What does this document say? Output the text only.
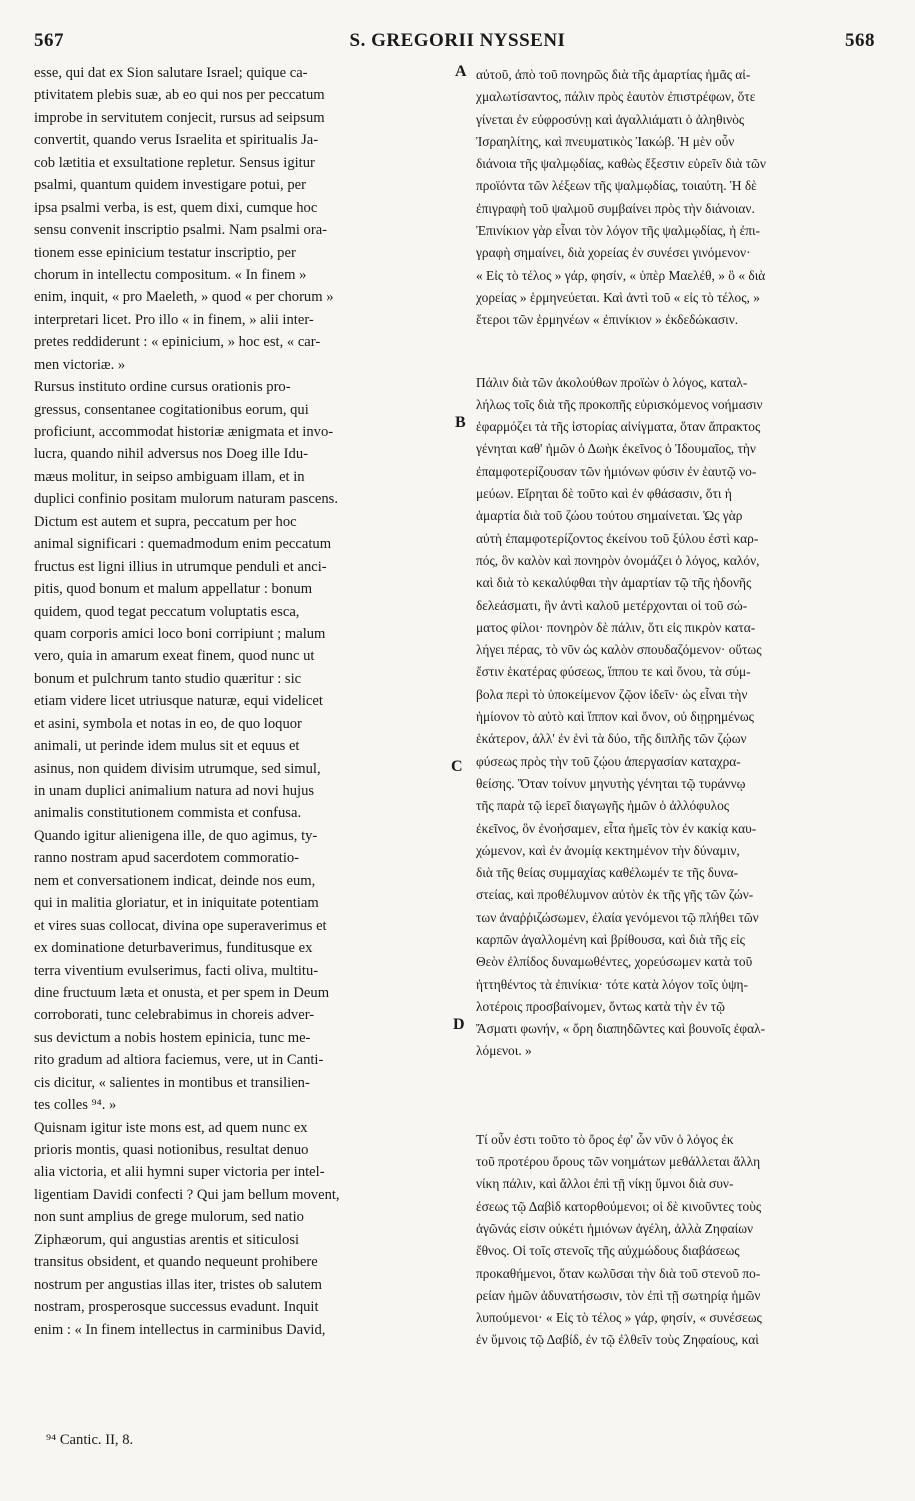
567	S. GREGORII NYSSENI	568
esse, qui dat ex Sion salutare Israel; quique ca-
ptivitatem plebis suæ, ab eo qui nos per peccatum
improbe in servitutem conjecit, rursus ad seipsum
convertit, quando verus Israelita et spiritualis Ja-
cob lætitia et exsultatione repletur. Sensus igitur
psalmi, quantum quidem investigare potui, per
ipsa psalmi verba, is est, quem dixi, cumque hoc
sensu convenit inscriptio psalmi. Nam psalmi ora-
tionem esse epinicium testatur inscriptio, per
chorum in intellectu compositum. « In finem »
enim, inquit, « pro Maeleth, » quod « per chorum »
interpretari licet. Pro illo « in finem, » alii inter-
pretes reddiderunt : « epinicium, » hoc est, « car-
men victoriæ. »
Rursus instituto ordine cursus orationis pro-
gressus, consentanee cogitationibus eorum, qui
proficiunt, accommodat historiæ ænigmata et invo-
lucra, quando nihil adversus nos Doeg ille Idu-
mæus molitur, in seipso ambiguam illam, et in
duplici confinio positam mulorum naturam pascens.
Dictum est autem et supra, peccatum per hoc
animal significari : quemadmodum enim peccatum
fructus est ligni illius in utrumque penduli et anci-
pitis, quod bonum et malum appellatur : bonum
quidem, quod tegat peccatum voluptatis esca,
quam corporis amici loco boni corripiunt ; malum
vero, quia in amarum exeat finem, quod nunc ut
bonum et pulchrum tanto studio quæritur : sic
etiam videre licet utriusque naturæ, equi videlicet
et asini, symbola et notas in eo, de quo loquor
animali, ut perinde idem mulus sit et equus et
asinus, non quidem divisim utrumque, sed simul,
in unam duplici animalium natura ad novi hujus
animalis constitutionem commista et confusa.
Quando igitur alienigena ille, de quo agimus, ty-
ranno nostram apud sacerdotem commoratio-
nem et conversationem indicat, deinde nos eum,
qui in malitia gloriatur, et in iniquitate potentiam
et vires suas collocat, divina ope superaverimus et
ex dominatione deturbaverimus, funditusque ex
terra viventium evulserimus, facti oliva, multitu-
dine fructuum læta et onusta, et per spem in Deum
corroborati, tunc celebrabimus in choreis adver-
sus devictum a nobis hostem epinicia, tunc me-
rito gradum ad altiora faciemus, vere, ut in Canti-
cis dicitur, « salientes in montibus et transilien-
tes colles ⁹⁴. »
Quisnam igitur iste mons est, ad quem nunc ex
prioris montis, quasi notionibus, resultat denuo
alia victoria, et alii hymni super victoria per intel-
ligentiam Davidi confecti ? Qui jam bellum movent,
non sunt amplius de grege mulorum, sed natio
Ziphæorum, qui angustias arentis et siticulosi
transitus obsident, et quando nequeunt prohibere
nostrum per angustias illas iter, tristes ob salutem
nostram, prosperosque successus evadunt. Inquit
enim : « In finem intellectus in carminibus David,
A
B
C
D
αὐτοῦ, ἀπὸ τοῦ πονηρῶς διὰ τῆς ἁμαρτίας ἡμᾶς αἰ-
χμαλωτίσαντος, πάλιν πρὸς ἑαυτὸν ἐπιστρέφων, ὅτε
γίνεται ἐν εὐφροσύνῃ καὶ ἀγαλλιάματι ὁ ἀληθινὸς
Ἰσραηλίτης, καὶ πνευματικὸς Ἰακώβ. Ἡ μὲν οὖν
διάνοια τῆς ψαλμῳδίας, καθὼς ἔξεστιν εὑρεῖν διὰ τῶν
προϊόντα τῶν λέξεων τῆς ψαλμῳδίας, τοιαύτη. Ἡ δὲ
ἐπιγραφὴ τοῦ ψαλμοῦ συμβαίνει πρὸς τὴν διάνοιαν.
Ἐπινίκιον γὰρ εἶναι τὸν λόγον τῆς ψαλμῳδίας, ἡ ἐπι-
γραφὴ σημαίνει, διὰ χορείας ἐν συνέσει γινόμενον·
« Εἰς τὸ τέλος » γάρ, φησίν, « ὑπὲρ Μαελέθ, » ὃ « διὰ
χορείας » ἑρμηνεύεται. Καὶ ἀντὶ τοῦ « εἰς τὸ τέλος, »
ἕτεροι τῶν ἑρμηνέων « ἐπινίκιον » ἐκδεδώκασιν.
Πάλιν διὰ τῶν ἀκολούθων προϊὼν ὁ λόγος, καταλ-
λήλως τοῖς διὰ τῆς προκοπῆς εὑρισκόμενος νοήμασιν
ἐφαρμόζει τὰ τῆς ἱστορίας αἰνίγματα, ὅταν ἄπρακτος
γένηται καθ' ἡμῶν ὁ Δωὴκ ἐκεῖνος ὁ Ἰδουμαῖος, τὴν
ἐπαμφοτερίζουσαν τῶν ἡμιόνων φύσιν ἐν ἑαυτῷ νο-
μεύων. Εἴρηται δὲ τοῦτο καὶ ἐν φθάσασιν, ὅτι ἡ
ἁμαρτία διὰ τοῦ ζώου τούτου σημαίνεται. Ὡς γὰρ
αὐτὴ ἐπαμφοτερίζοντος ἐκείνου τοῦ ξύλου ἐστὶ καρ-
πός, ὃν καλὸν καὶ πονηρὸν ὀνομάζει ὁ λόγος, καλόν,
καὶ διὰ τὸ κεκαλύφθαι τὴν ἁμαρτίαν τῷ τῆς ἡδονῆς
δελεάσματι, ἣν ἀντὶ καλοῦ μετέρχονται οἱ τοῦ σώ-
ματος φίλοι· πονηρὸν δὲ πάλιν, ὅτι εἰς πικρὸν κατα-
λήγει πέρας, τὸ νῦν ὡς καλὸν σπουδαζόμενον· οὕτως
ἔστιν ἑκατέρας φύσεως, ἵππου τε καὶ ὄνου, τὰ σύμ-
βολα περὶ τὸ ὑποκείμενον ζῷον ἰδεῖν· ὡς εἶναι τὴν
ἡμίονον τὸ αὐτὸ καὶ ἵππον καὶ ὄνον, οὐ διῃρημένως
ἑκάτερον, ἀλλ' ἐν ἑνὶ τὰ δύο, τῆς διπλῆς τῶν ζῴων
φύσεως πρὸς τὴν τοῦ ζῴου ἀπεργασίαν καταχρα-
θείσης. Ὅταν τοίνυν μηνυτὴς γένηται τῷ τυράννῳ
τῆς παρὰ τῷ ἱερεῖ διαγωγῆς ἡμῶν ὁ ἀλλόφυλος
ἐκεῖνος, ὃν ἐνοήσαμεν, εἶτα ἡμεῖς τὸν ἐν κακίᾳ καυ-
χώμενον, καὶ ἐν ἀνομίᾳ κεκτημένον τὴν δύναμιν,
διὰ τῆς θείας συμμαχίας καθέλωμέν τε τῆς δυνα-
στείας, καὶ προθέλυμνον αὐτὸν ἐκ τῆς γῆς τῶν ζών-
των ἀναῤῥιζώσωμεν, ἐλαία γενόμενοι τῷ πλήθει τῶν
καρπῶν ἀγαλλομένη καὶ βρίθουσα, καὶ διὰ τῆς εἰς
Θεὸν ἐλπίδος δυναμωθέντες, χορεύσωμεν κατὰ τοῦ
ἡττηθέντος τὰ ἐπινίκια· τότε κατὰ λόγον τοῖς ὑψη-
λοτέροις προσβαίνομεν, ὄντως κατὰ τὴν ἐν τῷ
Ἄσματι φωνήν, « ὄρη διαπηδῶντες καὶ βουνοῖς ἐφαλ-
λόμενοι. »
Τί οὖν ἐστι τοῦτο τὸ ὄρος ἐφ' ὧν νῦν ὁ λόγος ἐκ
τοῦ προτέρου ὄρους τῶν νοημάτων μεθάλλεται ἄλλη
νίκη πάλιν, καὶ ἄλλοι ἐπὶ τῇ νίκῃ ὕμνοι διὰ συν-
έσεως τῷ Δαβὶδ κατορθούμενοι; οἱ δὲ κινοῦντες τοὺς
ἀγῶνάς εἰσιν οὐκέτι ἡμιόνων ἀγέλη, ἀλλὰ Ζηφαίων
ἔθνος. Οἱ τοῖς στενοῖς τῆς αὐχμώδους διαβάσεως
προκαθήμενοι, ὅταν κωλῦσαι τὴν διὰ τοῦ στενοῦ πο-
ρείαν ἡμῶν ἀδυνατήσωσιν, τὸν ἐπὶ τῇ σωτηρίᾳ ἡμῶν
λυπούμενοι· « Εἰς τὸ τέλος » γάρ, φησίν, « συνέσεως
ἐν ὕμνοις τῷ Δαβίδ, ἐν τῷ ἐλθεῖν τοὺς Ζηφαίους, καὶ
⁹⁴ Cantic. II, 8.
